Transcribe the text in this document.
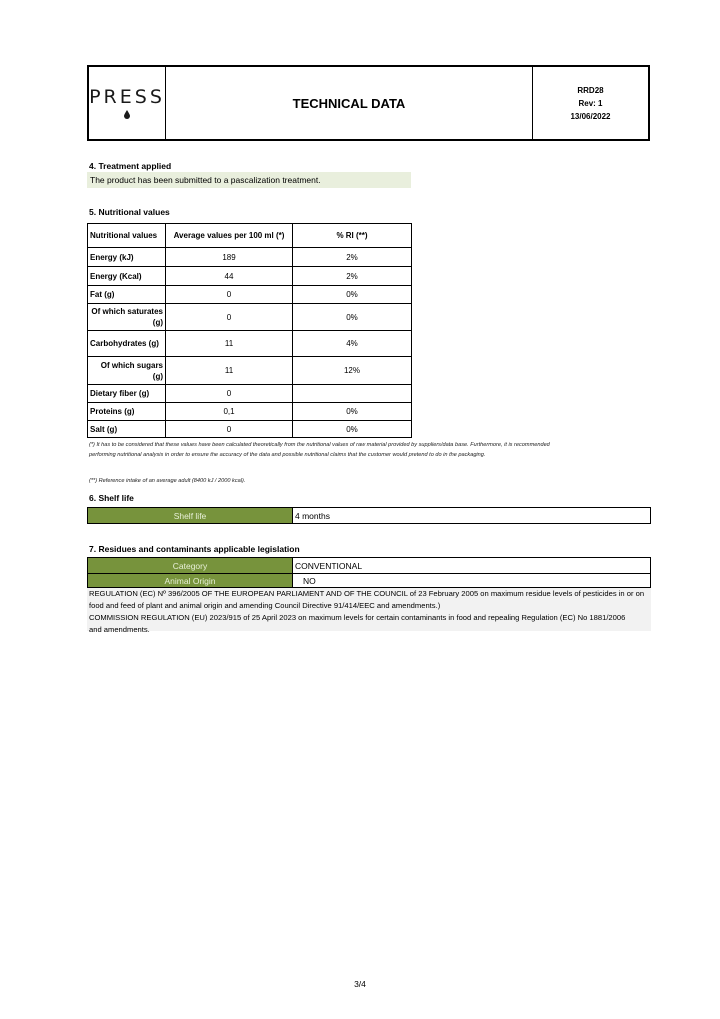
PRESS	TECHNICAL DATA
RRD28
Rev: 1
13/06/2022
4. Treatment applied
The product has been submitted to a pascalization treatment.
5. Nutritional values
Nutritional values	Average values per 100 ml (*)	% RI (**)
Energy (kJ)	189	2%
Energy (Kcal)	44	2%
Fat (g)	0	0%
Of which saturates (g)	0	0%
Carbohydrates (g)	11	4%
Of which sugars (g)	11	12%
Dietary fiber (g)	0	
Proteins (g)	0,1	0%
Salt (g)	0	0%
(*) It has to be considered that these values have been calculated theoretically from the nutritional values of raw material provided by suppliers/data base. Furthermore, it is recommended
performing nutritional analysis in order to ensure the accuracy of the data and possible nutritional claims that the customer would pretend to do in the packaging.
(**) Reference intake of an average adult (8400 kJ / 2000 kcal).
6. Shelf life
Shelf life	4 months
7. Residues and contaminants applicable legislation
Category	CONVENTIONAL
Animal Origin	NO
REGULATION (EC) Nº 396/2005 OF THE EUROPEAN PARLIAMENT AND OF THE COUNCIL of 23 February 2005 on maximum residue levels of pesticides in or on
food and feed of plant and animal origin and amending Council Directive 91/414/EEC and amendments.)
COMMISSION REGULATION (EU) 2023/915 of 25 April 2023 on maximum levels for certain contaminants in food and repealing Regulation (EC) No 1881/2006
and amendments.
3/4
